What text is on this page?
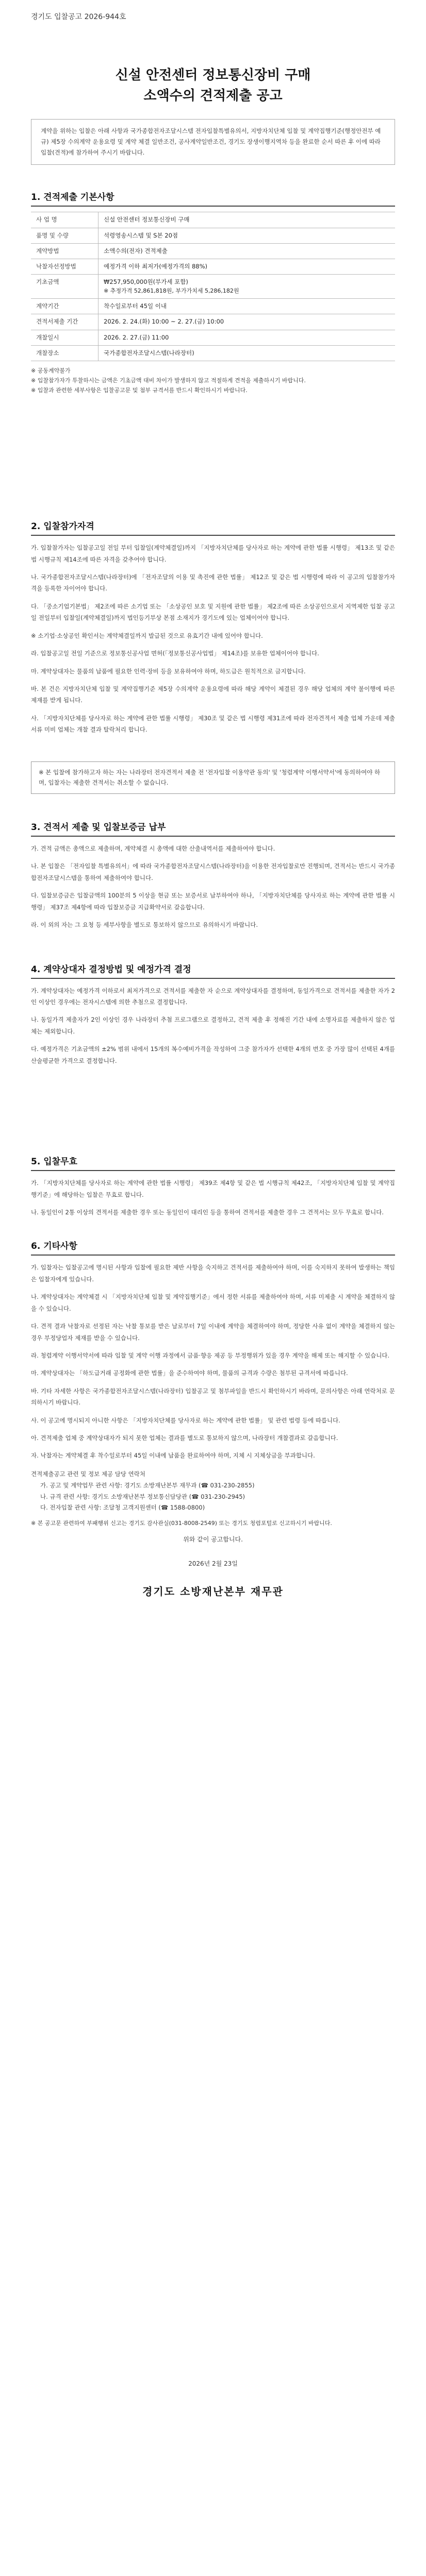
경기도 입찰공고 2026-944호
신설 안전센터 정보통신장비 구매
소액수의 견적제출 공고
계약을 위하는 입찰은 아래 사항과 국가종합전자조달시스템 전자입찰특별유의서, 지방자치단체 입찰 및 계약집행기준(행정안전부 예규) 제5장 수의계약 운용요령 및 계약 체결 일반조건, 공사계약일반조건, 경기도 장생이행지역차 등을 완료한 순서 따른 후 이에 따라 입찰(견적)에 참가하여 주시기 바랍니다.
1. 견적제출 기본사항
사 업 명	신설 안전센터 정보통신장비 구매

품명 및 수량	석령영송시스템 및 S본 20점

계약방법	소액수의(전자) 견적제출

낙찰자선정방법	예정가격 이하 최저가(예정가격의 88%)

기초금액	₩257,950,000원(부가세 포함)
※ 추정가격 52,861,818원, 부가가치세 5,286,182원

계약기간	착수일로부터 45일 이내

견적서제출 기간	2026. 2. 24.(화) 10:00 ~ 2. 27.(금) 10:00

개찰일시	2026. 2. 27.(금) 11:00

개찰장소	국가종합전자조달시스템(나라장터)
※ 공동계약불가
※ 입찰참가자가 투찰하시는 금액은 기초금액 대비 차이가 발생하지 않고 적절하게 견적을 제출하시기 바랍니다.
※ 입찰과 관련한 세부사항은 입찰공고문 및 첨부 규격서를 반드시 확인하시기 바랍니다.
2. 입찰참가자격
가. 입찰참가자는 입찰공고일 전일 부터 입찰일(계약체결일)까지 「지방자치단체를 당사자로 하는 계약에 관한 법률 시행령」 제13조 및 같은 법 시행규칙 제14조에 따른 자격을 갖추어야 합니다.
나. 국가종합전자조달시스템(나라장터)에 「전자조달의 이용 및 촉진에 관한 법률」 제12조 및 같은 법 시행령에 따라 이 공고의 입찰참가자격을 등록한 자이어야 합니다.
다. 「중소기업기본법」 제2조에 따른 소기업 또는 「소상공인 보호 및 지원에 관한 법률」 제2조에 따른 소상공인으로서 지역제한 입찰 공고일 전일부터 입찰일(계약체결일)까지 법인등기부상 본점 소재지가 경기도에 있는 업체이어야 합니다.
※ 소기업·소상공인 확인서는 계약체결일까지 발급된 것으로 유효기간 내에 있어야 합니다.
라. 입찰공고일 전일 기준으로 정보통신공사업 면허(「정보통신공사업법」 제14조)를 보유한 업체이어야 합니다.
마. 계약상대자는 물품의 납품에 필요한 인력·장비 등을 보유하여야 하며, 하도급은 원칙적으로 금지합니다.
바. 본 건은 지방자치단체 입찰 및 계약집행기준 제5장 수의계약 운용요령에 따라 해당 계약이 체결된 경우 해당 업체의 계약 불이행에 따른 제재를 받게 됩니다.
사. 「지방자치단체를 당사자로 하는 계약에 관한 법률 시행령」 제30조 및 같은 법 시행령 제31조에 따라 전자견적서 제출 업체 가운데 제출서류 미비 업체는 개찰 결과 탈락처리 합니다.
※ 본 입찰에 참가하고자 하는 자는 나라장터 전자견적서 제출 전 '전자입찰 이용약관 동의' 및 '청렴계약 이행서약서'에 동의하여야 하며, 입찰자는 제출한 견적서는 취소할 수 없습니다.
3. 견적서 제출 및 입찰보증금 납부
가. 견적 금액은 총액으로 제출하며, 계약체결 시 총액에 대한 산출내역서를 제출하여야 합니다.
나. 본 입찰은 「전자입찰 특별유의서」에 따라 국가종합전자조달시스템(나라장터)을 이용한 전자입찰로만 진행되며, 견적서는 반드시 국가종합전자조달시스템을 통하여 제출하여야 합니다.
다. 입찰보증금은 입찰금액의 100분의 5 이상을 현금 또는 보증서로 납부하여야 하나, 「지방자치단체를 당사자로 하는 계약에 관한 법률 시행령」 제37조 제4항에 따라 입찰보증금 지급확약서로 갈음합니다.
라. 이 외의 자는 그 요청 등 세부사항을 별도로 통보하지 않으므로 유의하시기 바랍니다.
4. 계약상대자 결정방법 및 예정가격 결정
가. 계약상대자는 예정가격 이하로서 최저가격으로 견적서를 제출한 자 순으로 계약상대자를 결정하며, 동일가격으로 견적서를 제출한 자가 2인 이상인 경우에는 전자시스템에 의한 추첨으로 결정합니다.
나. 동일가격 제출자가 2인 이상인 경우 나라장터 추첨 프로그램으로 결정하고, 견적 제출 후 정해진 기간 내에 소명자료를 제출하지 않은 업체는 제외합니다.
다. 예정가격은 기초금액의 ±2% 범위 내에서 15개의 복수예비가격을 작성하여 그중 참가자가 선택한 4개의 번호 중 가장 많이 선택된 4개를 산술평균한 가격으로 결정합니다.
5. 입찰무효
가. 「지방자치단체를 당사자로 하는 계약에 관한 법률 시행령」 제39조 제4항 및 같은 법 시행규칙 제42조, 「지방자치단체 입찰 및 계약집행기준」에 해당하는 입찰은 무효로 합니다.
나. 동일인이 2통 이상의 견적서를 제출한 경우 또는 동일인이 대리인 등을 통하여 견적서를 제출한 경우 그 견적서는 모두 무효로 합니다.
6. 기타사항
가. 입찰자는 입찰공고에 명시된 사항과 입찰에 필요한 제반 사항을 숙지하고 견적서를 제출하여야 하며, 이를 숙지하지 못하여 발생하는 책임은 입찰자에게 있습니다.
나. 계약상대자는 계약체결 시 「지방자치단체 입찰 및 계약집행기준」에서 정한 서류를 제출하여야 하며, 서류 미제출 시 계약을 체결하지 않을 수 있습니다.
다. 견적 결과 낙찰자로 선정된 자는 낙찰 통보를 받은 날로부터 7일 이내에 계약을 체결하여야 하며, 정당한 사유 없이 계약을 체결하지 않는 경우 부정당업자 제재를 받을 수 있습니다.
라. 청렴계약 이행서약서에 따라 입찰 및 계약 이행 과정에서 금품·향응 제공 등 부정행위가 있을 경우 계약을 해제 또는 해지할 수 있습니다.
마. 계약상대자는 「하도급거래 공정화에 관한 법률」을 준수하여야 하며, 물품의 규격과 수량은 첨부된 규격서에 따릅니다.
바. 기타 자세한 사항은 국가종합전자조달시스템(나라장터) 입찰공고 및 첨부파일을 반드시 확인하시기 바라며, 문의사항은 아래 연락처로 문의하시기 바랍니다.
사. 이 공고에 명시되지 아니한 사항은 「지방자치단체를 당사자로 하는 계약에 관한 법률」 및 관련 법령 등에 따릅니다.
아. 견적제출 업체 중 계약상대자가 되지 못한 업체는 결과를 별도로 통보하지 않으며, 나라장터 개찰결과로 갈음합니다.
자. 낙찰자는 계약체결 후 착수일로부터 45일 이내에 납품을 완료하여야 하며, 지체 시 지체상금을 부과합니다.
견적제출공고 관련 및 정보 제공 담당 연락처
가. 공고 및 계약업무 관련 사항: 경기도 소방재난본부 재무과 (☎ 031-230-2855)
나. 규격 관련 사항: 경기도 소방재난본부 정보통신담당관 (☎ 031-230-2945)
다. 전자입찰 관련 사항: 조달청 고객지원센터 (☎ 1588-0800)
※ 본 공고문 관련하여 부패행위 신고는 경기도 감사관실(031-8008-2549) 또는 경기도 청렴포털로 신고하시기 바랍니다.
위와 같이 공고합니다.
2026년 2월 23일
경기도 소방재난본부 재무관
